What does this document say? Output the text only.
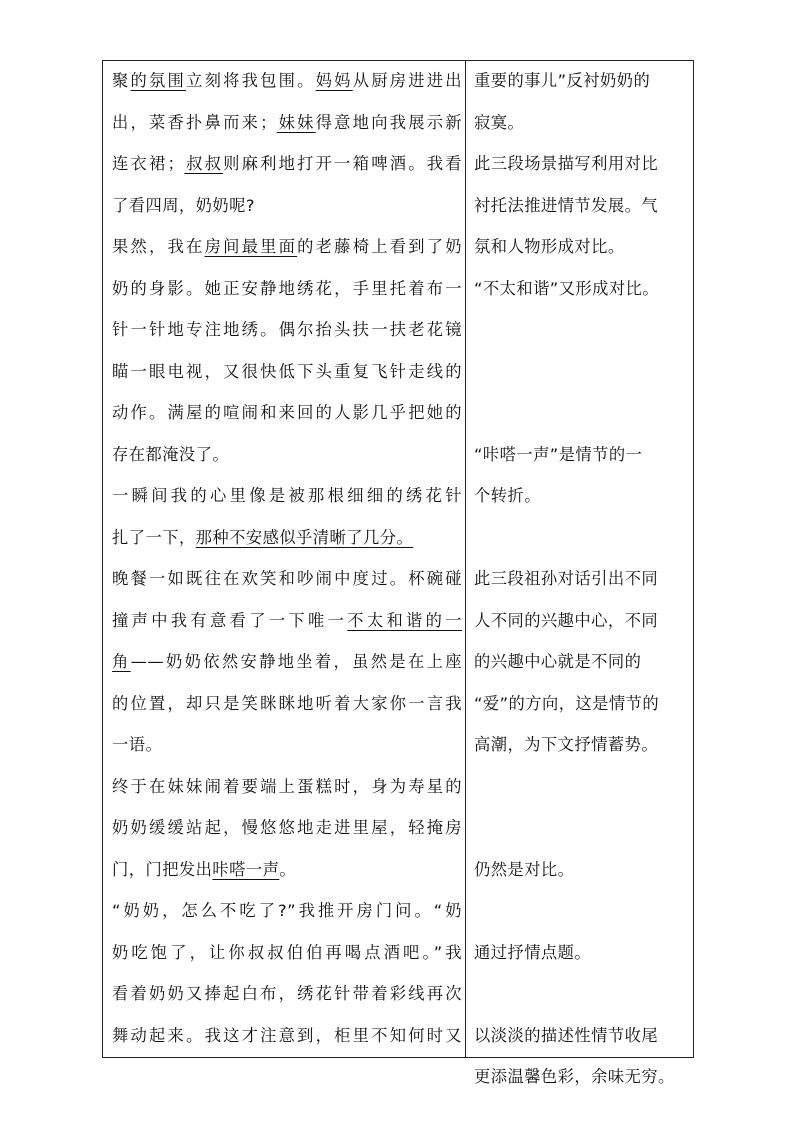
聚的氛围立刻将我包围。妈妈从厨房进进出
出，菜香扑鼻而来；妹妹得意地向我展示新
连衣裙；叔叔则麻利地打开一箱啤酒。我看
了看四周，奶奶呢?
果然，我在房间最里面的老藤椅上看到了奶
奶的身影。她正安静地绣花，手里托着布一
针一针地专注地绣。偶尔抬头扶一扶老花镜
瞄一眼电视，又很快低下头重复飞针走线的
动作。满屋的喧闹和来回的人影几乎把她的
存在都淹没了。
一瞬间我的心里像是被那根细细的绣花针
扎了一下，那种不安感似乎清晰了几分。
晚餐一如既往在欢笑和吵闹中度过。杯碗碰
撞声中我有意看了一下唯一不太和谐的一
角——奶奶依然安静地坐着，虽然是在上座
的位置，却只是笑眯眯地听着大家你一言我
一语。
终于在妹妹闹着要端上蛋糕时，身为寿星的
奶奶缓缓站起，慢悠悠地走进里屋，轻掩房
门，门把发出咔嗒一声。
“奶奶，怎么不吃了?”我推开房门问。“奶
奶吃饱了，让你叔叔伯伯再喝点酒吧。”我
看着奶奶又捧起白布，绣花针带着彩线再次
舞动起来。我这才注意到，柜里不知何时又
重要的事儿”反衬奶奶的
寂寞。
此三段场景描写利用对比
衬托法推进情节发展。气
氛和人物形成对比。
“不太和谐”又形成对比。
“咔嗒一声”是情节的一
个转折。
此三段祖孙对话引出不同
人不同的兴趣中心，不同
的兴趣中心就是不同的
“爱”的方向，这是情节的
高潮，为下文抒情蓄势。
仍然是对比。
通过抒情点题。
以淡淡的描述性情节收尾
更添温馨色彩，余味无穷。
